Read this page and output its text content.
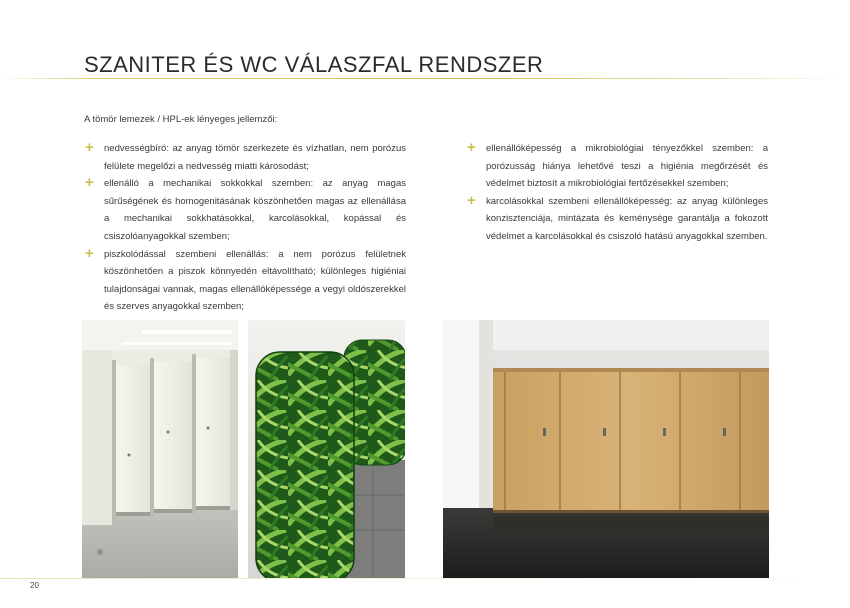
SZANITER ÉS WC VÁLASZFAL RENDSZER
A tömör lemezek / HPL-ek lényeges jellemzői:
+ nedvességbíró: az anyag tömör szerkezete és vízhatlan, nem porózus felülete megelőzi a nedvesség miatti károsodást;
+ ellenálló a mechanikai sokkokkal szemben: az anyag magas sűrűségének és homogenitásának köszönhetően magas az ellenállása a mechanikai sokkhatásokkal, karcolásokkal, kopással és csiszolóanyagokkal szemben;
+ piszkolódással szembeni ellenállás: a nem porózus felületnek köszönhetően a piszok könnyedén eltávolítható; különleges higiéniai tulajdonságai vannak, magas ellenállóképessége a vegyi oldószerekkel és szerves anyagokkal szemben;
+ ellenállóképesség a mikrobiológiai tényezőkkel szemben: a porózusság hiánya lehetővé teszi a higiénia megőrzését és védelmet biztosít a mikrobiológiai fertőzésekkel szemben;
+ karcolásokkal szembeni ellenállóképesség: az anyag különleges konzisztenciája, mintázata és keménysége garantálja a fokozott védelmet a karcolásokkal és csiszoló hatású anyagokkal szemben.
20
